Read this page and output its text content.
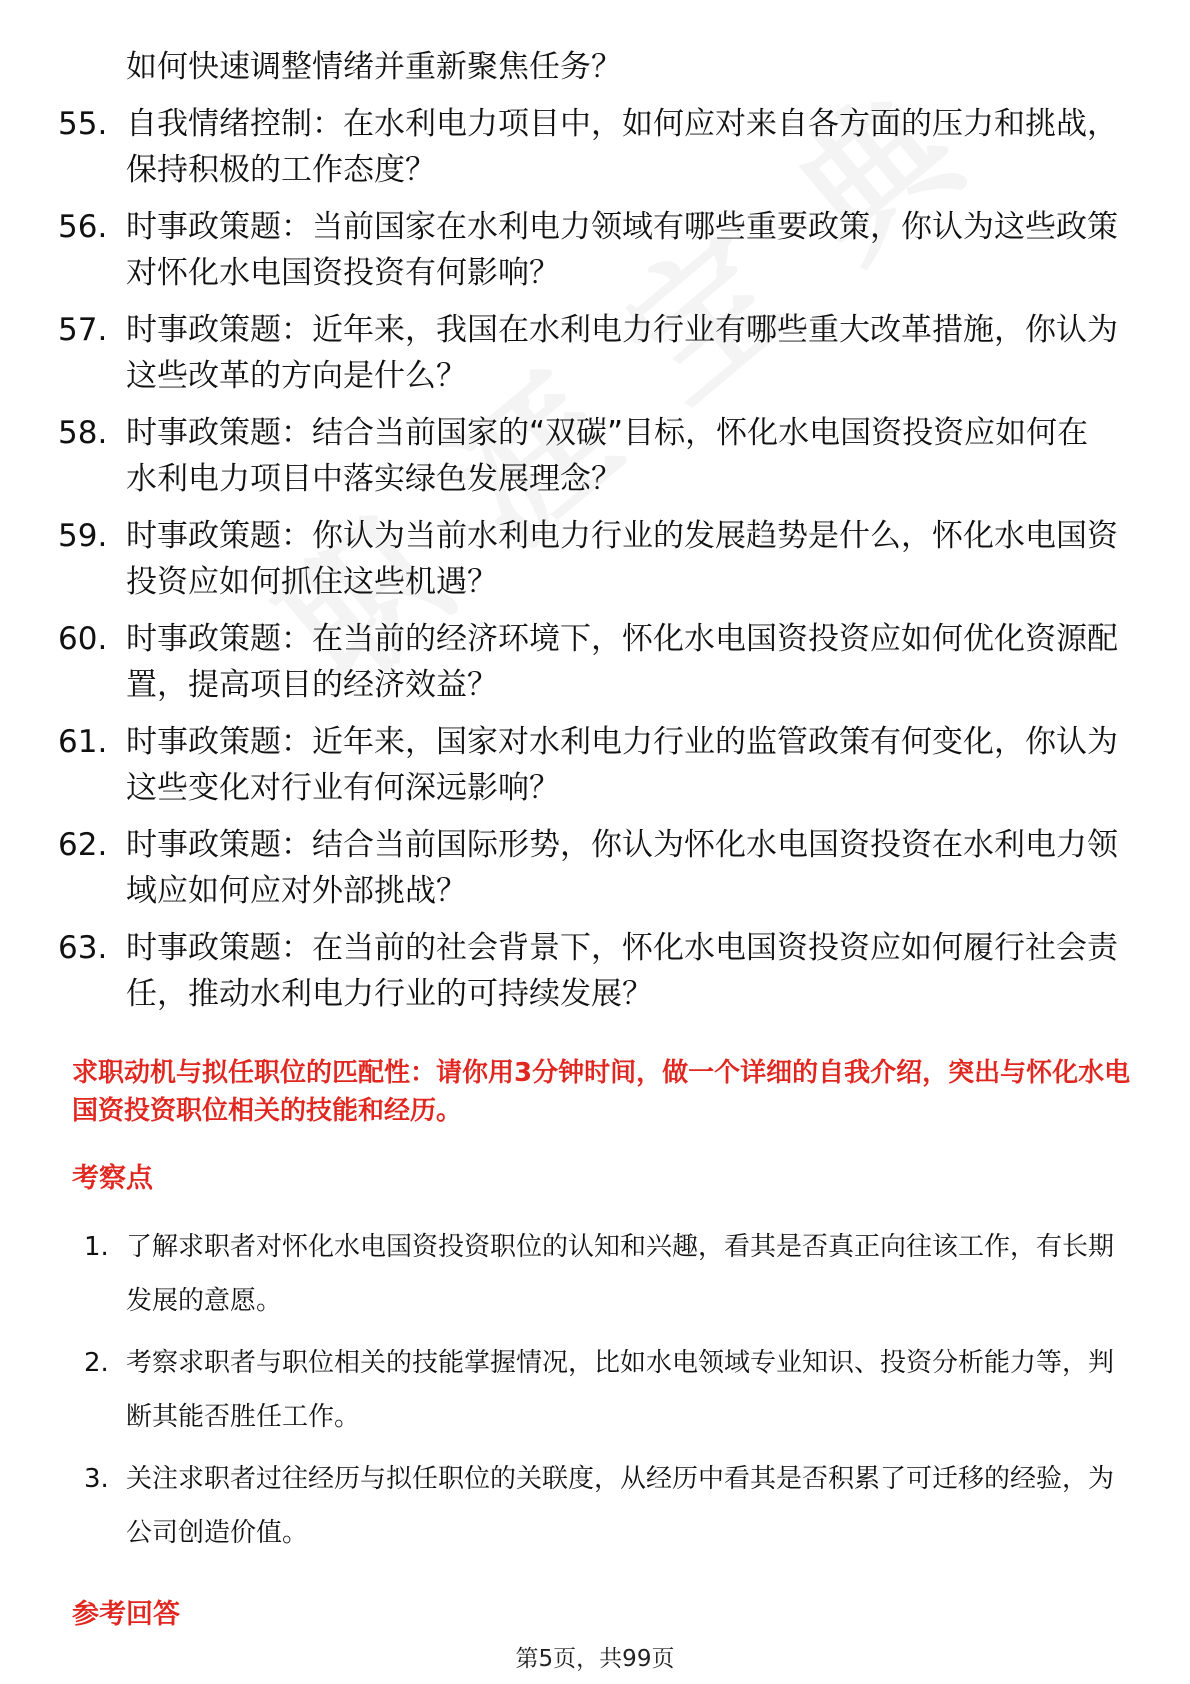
如何快速调整情绪并重新聚焦任务？
55. 自我情绪控制：在水利电力项目中，如何应对来自各方面的压力和挑战，保持积极的工作态度？
56. 时事政策题：当前国家在水利电力领域有哪些重要政策，你认为这些政策对怀化水电国资投资有何影响？
57. 时事政策题：近年来，我国在水利电力行业有哪些重大改革措施，你认为这些改革的方向是什么？
58. 时事政策题：结合当前国家的“双碳”目标，怀化水电国资投资应如何在水利电力项目中落实绿色发展理念？
59. 时事政策题：你认为当前水利电力行业的发展趋势是什么，怀化水电国资投资应如何抓住这些机遇？
60. 时事政策题：在当前的经济环境下，怀化水电国资投资应如何优化资源配置，提高项目的经济效益？
61. 时事政策题：近年来，国家对水利电力行业的监管政策有何变化，你认为这些变化对行业有何深远影响？
62. 时事政策题：结合当前国际形势，你认为怀化水电国资投资在水利电力领域应如何应对外部挑战？
63. 时事政策题：在当前的社会背景下，怀化水电国资投资应如何履行社会责任，推动水利电力行业的可持续发展？
求职动机与拟任职位的匹配性：请你用3分钟时间，做一个详细的自我介绍，突出与怀化水电国资投资职位相关的技能和经历。
考察点
1. 了解求职者对怀化水电国资投资职位的认知和兴趣，看其是否真正向往该工作，有长期发展的意愿。
2. 考察求职者与职位相关的技能掌握情况，比如水电领域专业知识、投资分析能力等，判断其能否胜任工作。
3. 关注求职者过往经历与拟任职位的关联度，从经历中看其是否积累了可迁移的经验，为公司创造价值。
参考回答
第5页，共99页
